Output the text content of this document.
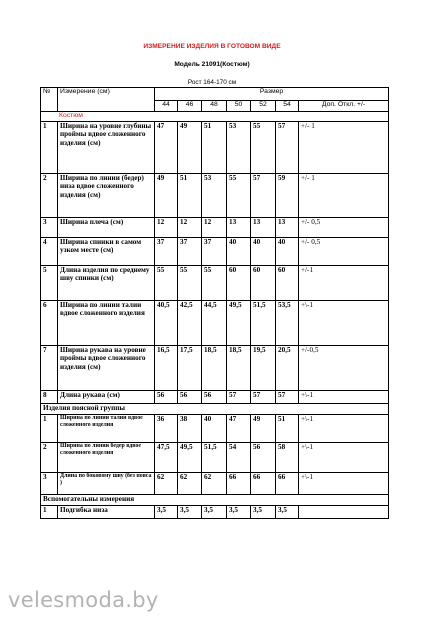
ИЗМЕРЕНИЕ ИЗДЕЛИЯ В ГОТОВОМ ВИДЕ
Модель 21091(Костюм)
Рост 164-170 см
№	Измерение (см)	Размер						
		44	46	48	50	52	54	Доп. Откл. +/-
Костюм								
1	Ширина на уровне глубины проймы вдвое сложенного изделия (см)	47	49	51	53	55	57	+/- 1
2	Ширина по линии (бедер) низа вдвое сложенного изделия (см)	49	51	53	55	57	59	+/- 1
3	Ширина плеча (см)	12	12	12	13	13	13	+/- 0,5
4	Ширина спинки в самом узком месте (см)	37	37	37	40	40	40	+/- 0,5
5	Длина изделия по среднему шву спинки (см)	55	55	55	60	60	60	+/-1
6	Ширина по линии талии вдвое сложенного изделия	40,5	42,5	44,5	49,5	51,5	53,5	+\-1
7	Ширина рукава на уровне проймы вдвое сложенного изделия (см)	16,5	17,5	18,5	18,5	19,5	20,5	+/-0,5
8	Длина рукава (см)	56	56	56	57	57	57	+\-1
Изделия поясной группы								
1	Ширина по линии талии вдвое сложенного изделия	36	38	40	47	49	51	+\-1
2	Ширина по линии бедер вдвое сложенного изделия	47,5	49,5	51,5	54	56	58	+\-1
3	Длина по боковому шву (без пояса )	62	62	62	66	66	66	+\-1
Вспомогательны измерения								
1	Подгибка низа	3,5	3,5	3,5	3,5	3,5	3,5	
velesmoda.by
